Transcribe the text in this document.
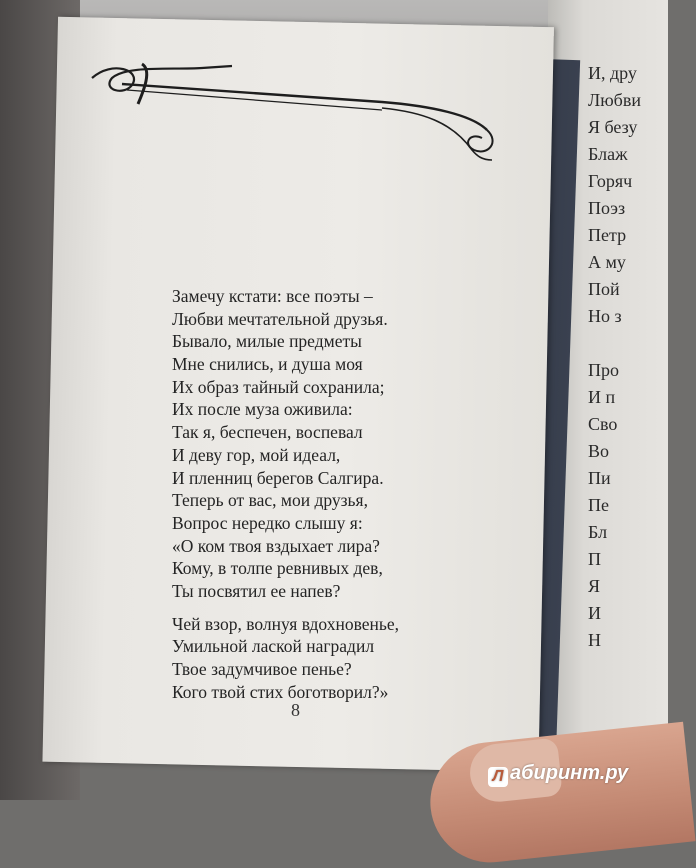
И, дру
Любви
Я безу
Блаж
Горяч
Поэз
Петр
А му
Пой
Но з
Про
И п
Сво
Во
Пи
Пе
Бл
П
Я
И
Н
Замечу кстати: все поэты –
Любви мечтательной друзья.
Бывало, милые предметы
Мне снились, и душа моя
Их образ тайный сохранила;
Их после муза оживила:
Так я, беспечен, воспевал
И деву гор, мой идеал,
И пленниц берегов Салгира.
Теперь от вас, мои друзья,
Вопрос нередко слышу я:
«О ком твоя вздыхает лира?
Кому, в толпе ревнивых дев,
Ты посвятил ее напев?
Чей взор, волнуя вдохновенье,
Умильной лаской наградил
Твое задумчивое пенье?
Кого твой стих боготворил?»
8
Л абиринт.ру
